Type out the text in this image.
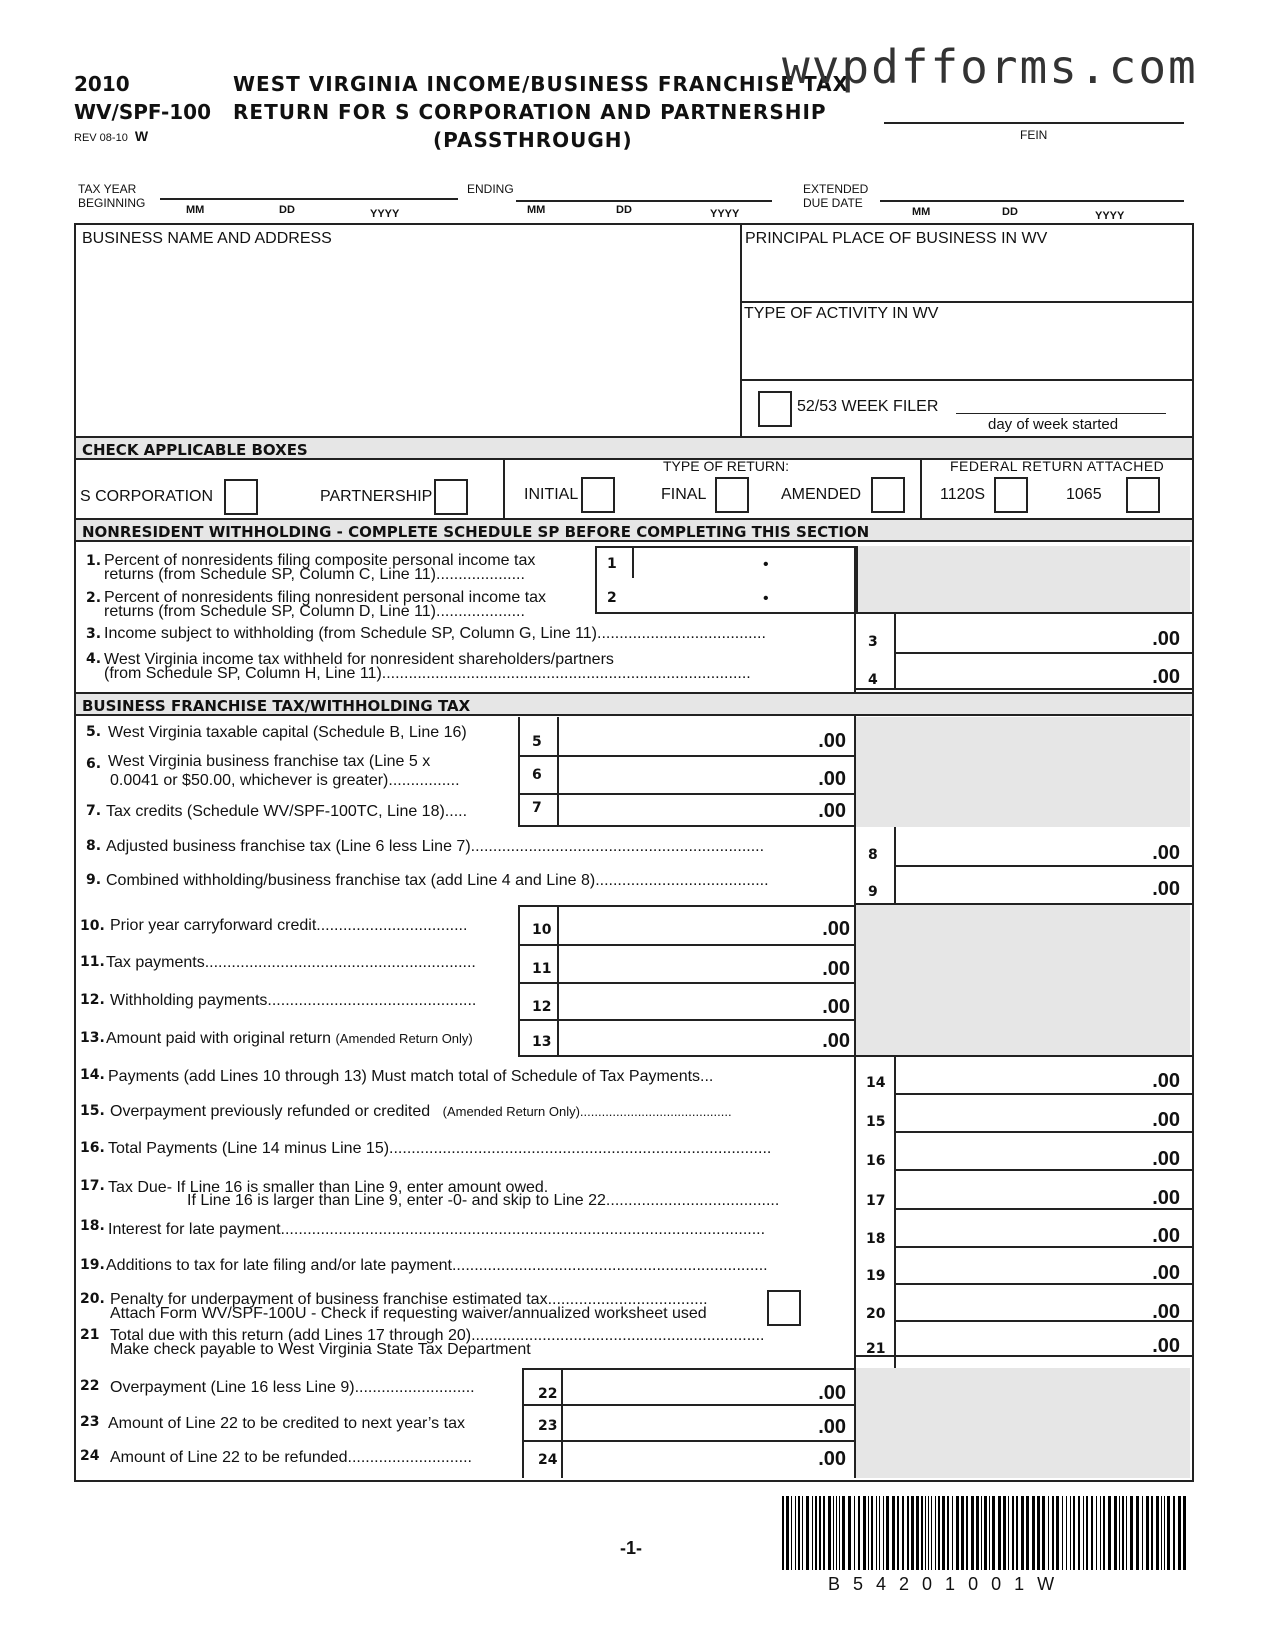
2010
WV/SPF-100
REV 08-10 W
WEST VIRGINIA INCOME/BUSINESS FRANCHISE TAX
RETURN FOR S CORPORATION AND PARTNERSHIP
(PASSTHROUGH)
wvpdfforms.com
FEIN
TAX YEAR
BEGINNING	MM	DD	YYYY
ENDING
MM	DD	YYYY
EXTENDED
DUE DATE
MM	DD	YYYY
BUSINESS NAME AND ADDRESS	PRINCIPAL PLACE OF BUSINESS IN WV
TYPE OF ACTIVITY IN WV
52/53 WEEK FILER
day of week started
CHECK APPLICABLE BOXES
S CORPORATION	PARTNERSHIP
TYPE OF RETURN:
INITIAL	FINAL	AMENDED
FEDERAL RETURN ATTACHED
1120S	1065
NONRESIDENT WITHHOLDING - COMPLETE SCHEDULE SP BEFORE COMPLETING THIS SECTION
1. Percent of nonresidents filing composite personal income tax
returns (from Schedule SP, Column C, Line 11)....................
2. Percent of nonresidents filing nonresident personal income tax
returns (from Schedule SP, Column D, Line 11)....................
1	•
2	•
3. Income subject to withholding (from Schedule SP, Column G, Line 11)......................................	3	.00
4. West Virginia income tax withheld for nonresident shareholders/partners
(from Schedule SP, Column H, Line 11)...................................................................................	4	.00
BUSINESS FRANCHISE TAX/WITHHOLDING TAX
5. West Virginia taxable capital (Schedule B, Line 16)
5	.00
6. West Virginia business franchise tax (Line 5 x
0.0041 or $50.00, whichever is greater)................	6	.00
7. Tax credits (Schedule WV/SPF-100TC, Line 18).....	7	.00
8. Adjusted business franchise tax (Line 6 less Line 7)..................................................................	8	.00
9. Combined withholding/business franchise tax (add Line 4 and Line 8).......................................
9	.00
10. Prior year carryforward credit..................................	10	.00
11. Tax payments.............................................................	11	.00
12. Withholding payments...............................................	12	.00
13. Amount paid with original return (Amended Return Only)	13	.00
14. Payments (add Lines 10 through 13) Must match total of Schedule of Tax Payments...	14	.00
15. Overpayment previously refunded or credited (Amended Return Only)..........................................
15	.00
16. Total Payments (Line 14 minus Line 15)......................................................................................
16	.00
17. Tax Due- If Line 16 is smaller than Line 9, enter amount owed.
If Line 16 is larger than Line 9, enter -0- and skip to Line 22.......................................	17	.00
18. Interest for late payment.............................................................................................................
18	.00
19. Additions to tax for late filing and/or late payment.......................................................................
19	.00
20. Penalty for underpayment of business franchise estimated tax....................................
Attach Form WV/SPF-100U - Check if requesting waiver/annualized worksheet used	20	.00
21 Total due with this return (add Lines 17 through 20)..................................................................
Make check payable to West Virginia State Tax Department	21	.00
22 Overpayment (Line 16 less Line 9)...........................	22	.00
23 Amount of Line 22 to be credited to next year’s tax	23	.00
24 Amount of Line 22 to be refunded............................	24	.00
-1-
B  5  4  2  0  1  0  0  1  W
